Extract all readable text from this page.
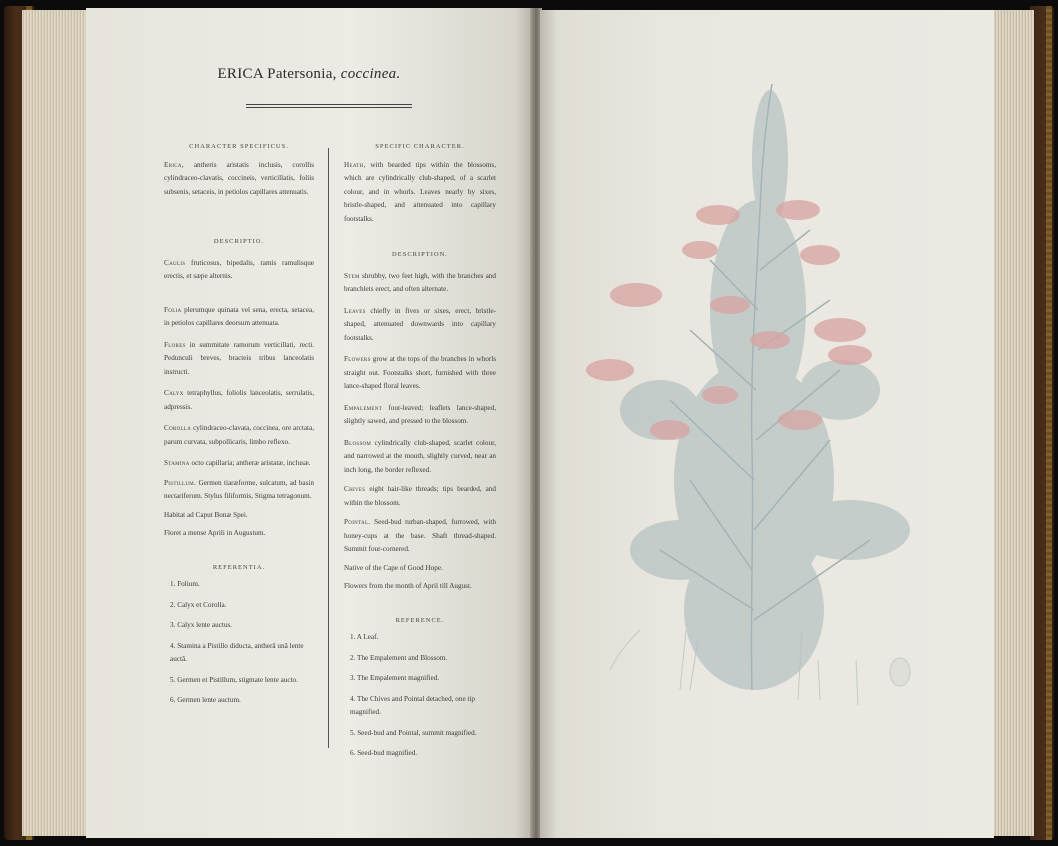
ERICA Patersonia, coccinea.
CHARACTER SPECIFICUS.
Erica, antheris aristatis inclusis, corollis cylindraceo-clavatis, coccineis, verticillatis, foliis subsenis, setaceis, in petiolos capillares attenuatis.
DESCRIPTIO.
Caulis fruticosus, bipedalis, ramis ramulisque erectis, et sæpe alternis.
Folia plerumque quinata vel sena, erecta, setacea, in petiolos capillares deorsum attenuata.
Flores in summitate ramorum verticillati, recti. Pedunculi breves, bracteis tribus lanceolatis instructi.
Calyx tetraphyllus, foliolis lanceolatis, serrulatis, adpressis.
Corolla cylindraceo-clavata, coccinea, ore arctata, parum curvata, subpollicaris, limbo reflexo.
Stamina octo capillaria; antheræ aristatæ, inclusæ.
Pistillum. Germen tiaræforme, sulcatum, ad basin nectariferum. Stylus filiformis, Stigma tetragonum.
Habitat ad Caput Bonæ Spei.
Floret a mense Aprili in Augustum.
REFERENTIA.
1. Folium.
2. Calyx et Corolla.
3. Calyx lente auctus.
4. Stamina a Pistillo diducta, antherâ unâ lente auctâ.
5. Germen et Pistillum, stigmate lente aucto.
6. Germen lente auctum.
SPECIFIC CHARACTER.
Heath, with bearded tips within the blossoms, which are cylindrically club-shaped, of a scarlet colour, and in whorls. Leaves nearly by sixes, bristle-shaped, and attenuated into capillary footstalks.
DESCRIPTION.
Stem shrubby, two feet high, with the branches and branchlets erect, and often alternate.
Leaves chiefly in fives or sixes, erect, bristle-shaped, attenuated downwards into capillary footstalks.
Flowers grow at the tops of the branches in whorls straight out. Footstalks short, furnished with three lance-shaped floral leaves.
Empalement four-leaved; leaflets lance-shaped, slightly sawed, and pressed to the blossom.
Blossom cylindrically club-shaped, scarlet colour, and narrowed at the mouth, slightly curved, near an inch long, the border reflexed.
Chives eight hair-like threads; tips bearded, and within the blossom.
Pointal. Seed-bud turban-shaped, furrowed, with honey-cups at the base. Shaft thread-shaped. Summit four-cornered.
Native of the Cape of Good Hope.
Flowers from the month of April till August.
REFERENCE.
1. A Leaf.
2. The Empalement and Blossom.
3. The Empalement magnified.
4. The Chives and Pointal detached, one tip magnified.
5. Seed-bud and Pointal, summit magnified.
6. Seed-bud magnified.
